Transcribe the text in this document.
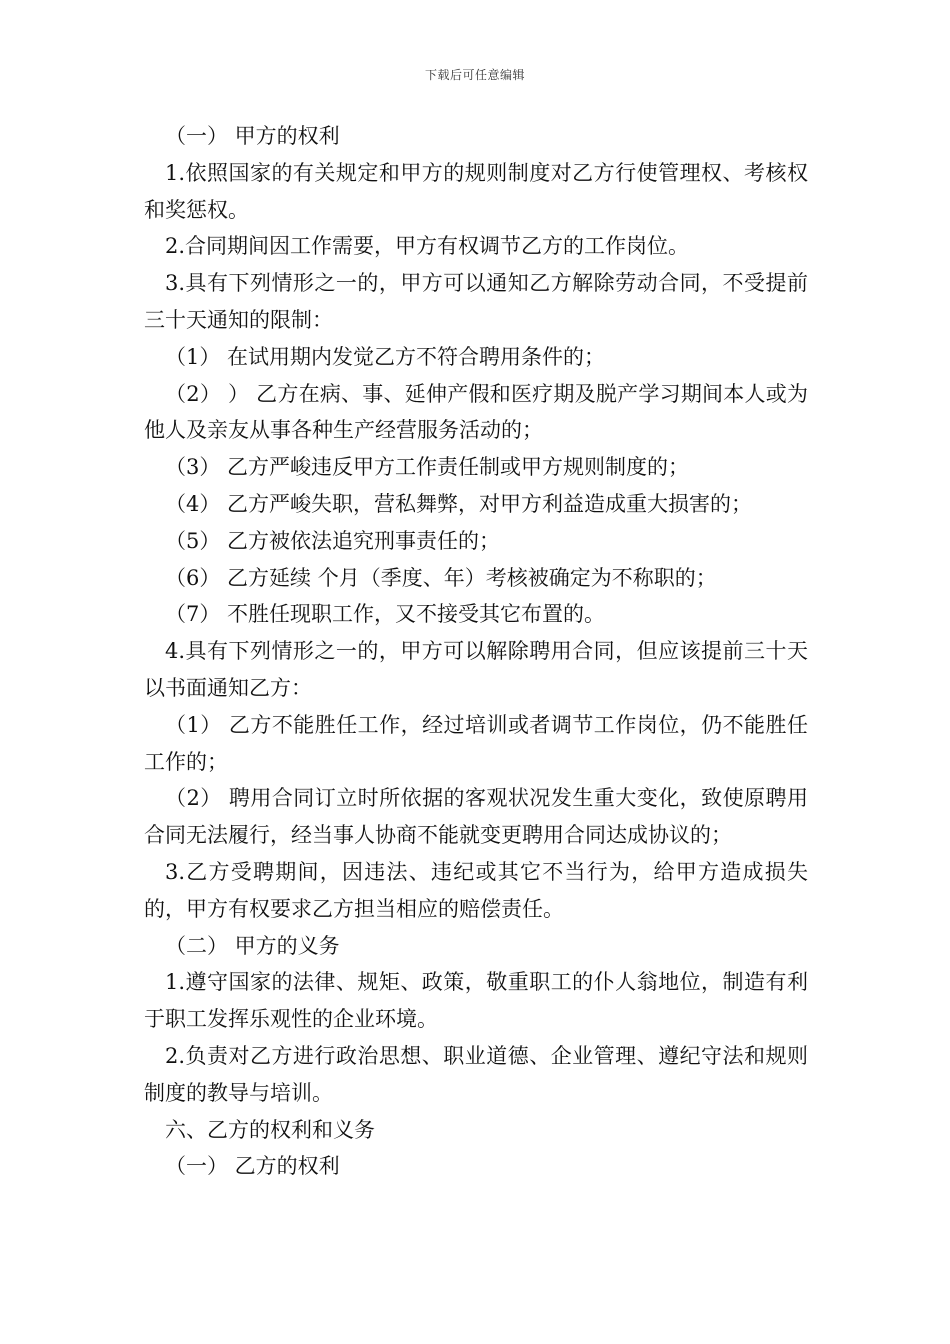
下载后可任意编辑

（一） 甲方的权利

1.依照国家的有关规定和甲方的规则制度对乙方行使管理权、考核权和奖惩权。

2.合同期间因工作需要，甲方有权调节乙方的工作岗位。

3.具有下列情形之一的，甲方可以通知乙方解除劳动合同，不受提前三十天通知的限制：

（1） 在试用期内发觉乙方不符合聘用条件的；

（2） ） 乙方在病、事、延伸产假和医疗期及脱产学习期间本人或为他人及亲友从事各种生产经营服务活动的；

（3） 乙方严峻违反甲方工作责任制或甲方规则制度的；

（4） 乙方严峻失职，营私舞弊，对甲方利益造成重大损害的；

（5） 乙方被依法追究刑事责任的；

（6） 乙方延续 个月（季度、年）考核被确定为不称职的；

（7） 不胜任现职工作，又不接受其它布置的。

4.具有下列情形之一的，甲方可以解除聘用合同，但应该提前三十天以书面通知乙方：

（1） 乙方不能胜任工作，经过培训或者调节工作岗位，仍不能胜任工作的；

（2） 聘用合同订立时所依据的客观状况发生重大变化，致使原聘用合同无法履行，经当事人协商不能就变更聘用合同达成协议的；

3.乙方受聘期间，因违法、违纪或其它不当行为，给甲方造成损失的，甲方有权要求乙方担当相应的赔偿责任。

（二） 甲方的义务

1.遵守国家的法律、规矩、政策，敬重职工的仆人翁地位，制造有利于职工发挥乐观性的企业环境。

2.负责对乙方进行政治思想、职业道德、企业管理、遵纪守法和规则制度的教导与培训。

六、乙方的权利和义务

（一） 乙方的权利
